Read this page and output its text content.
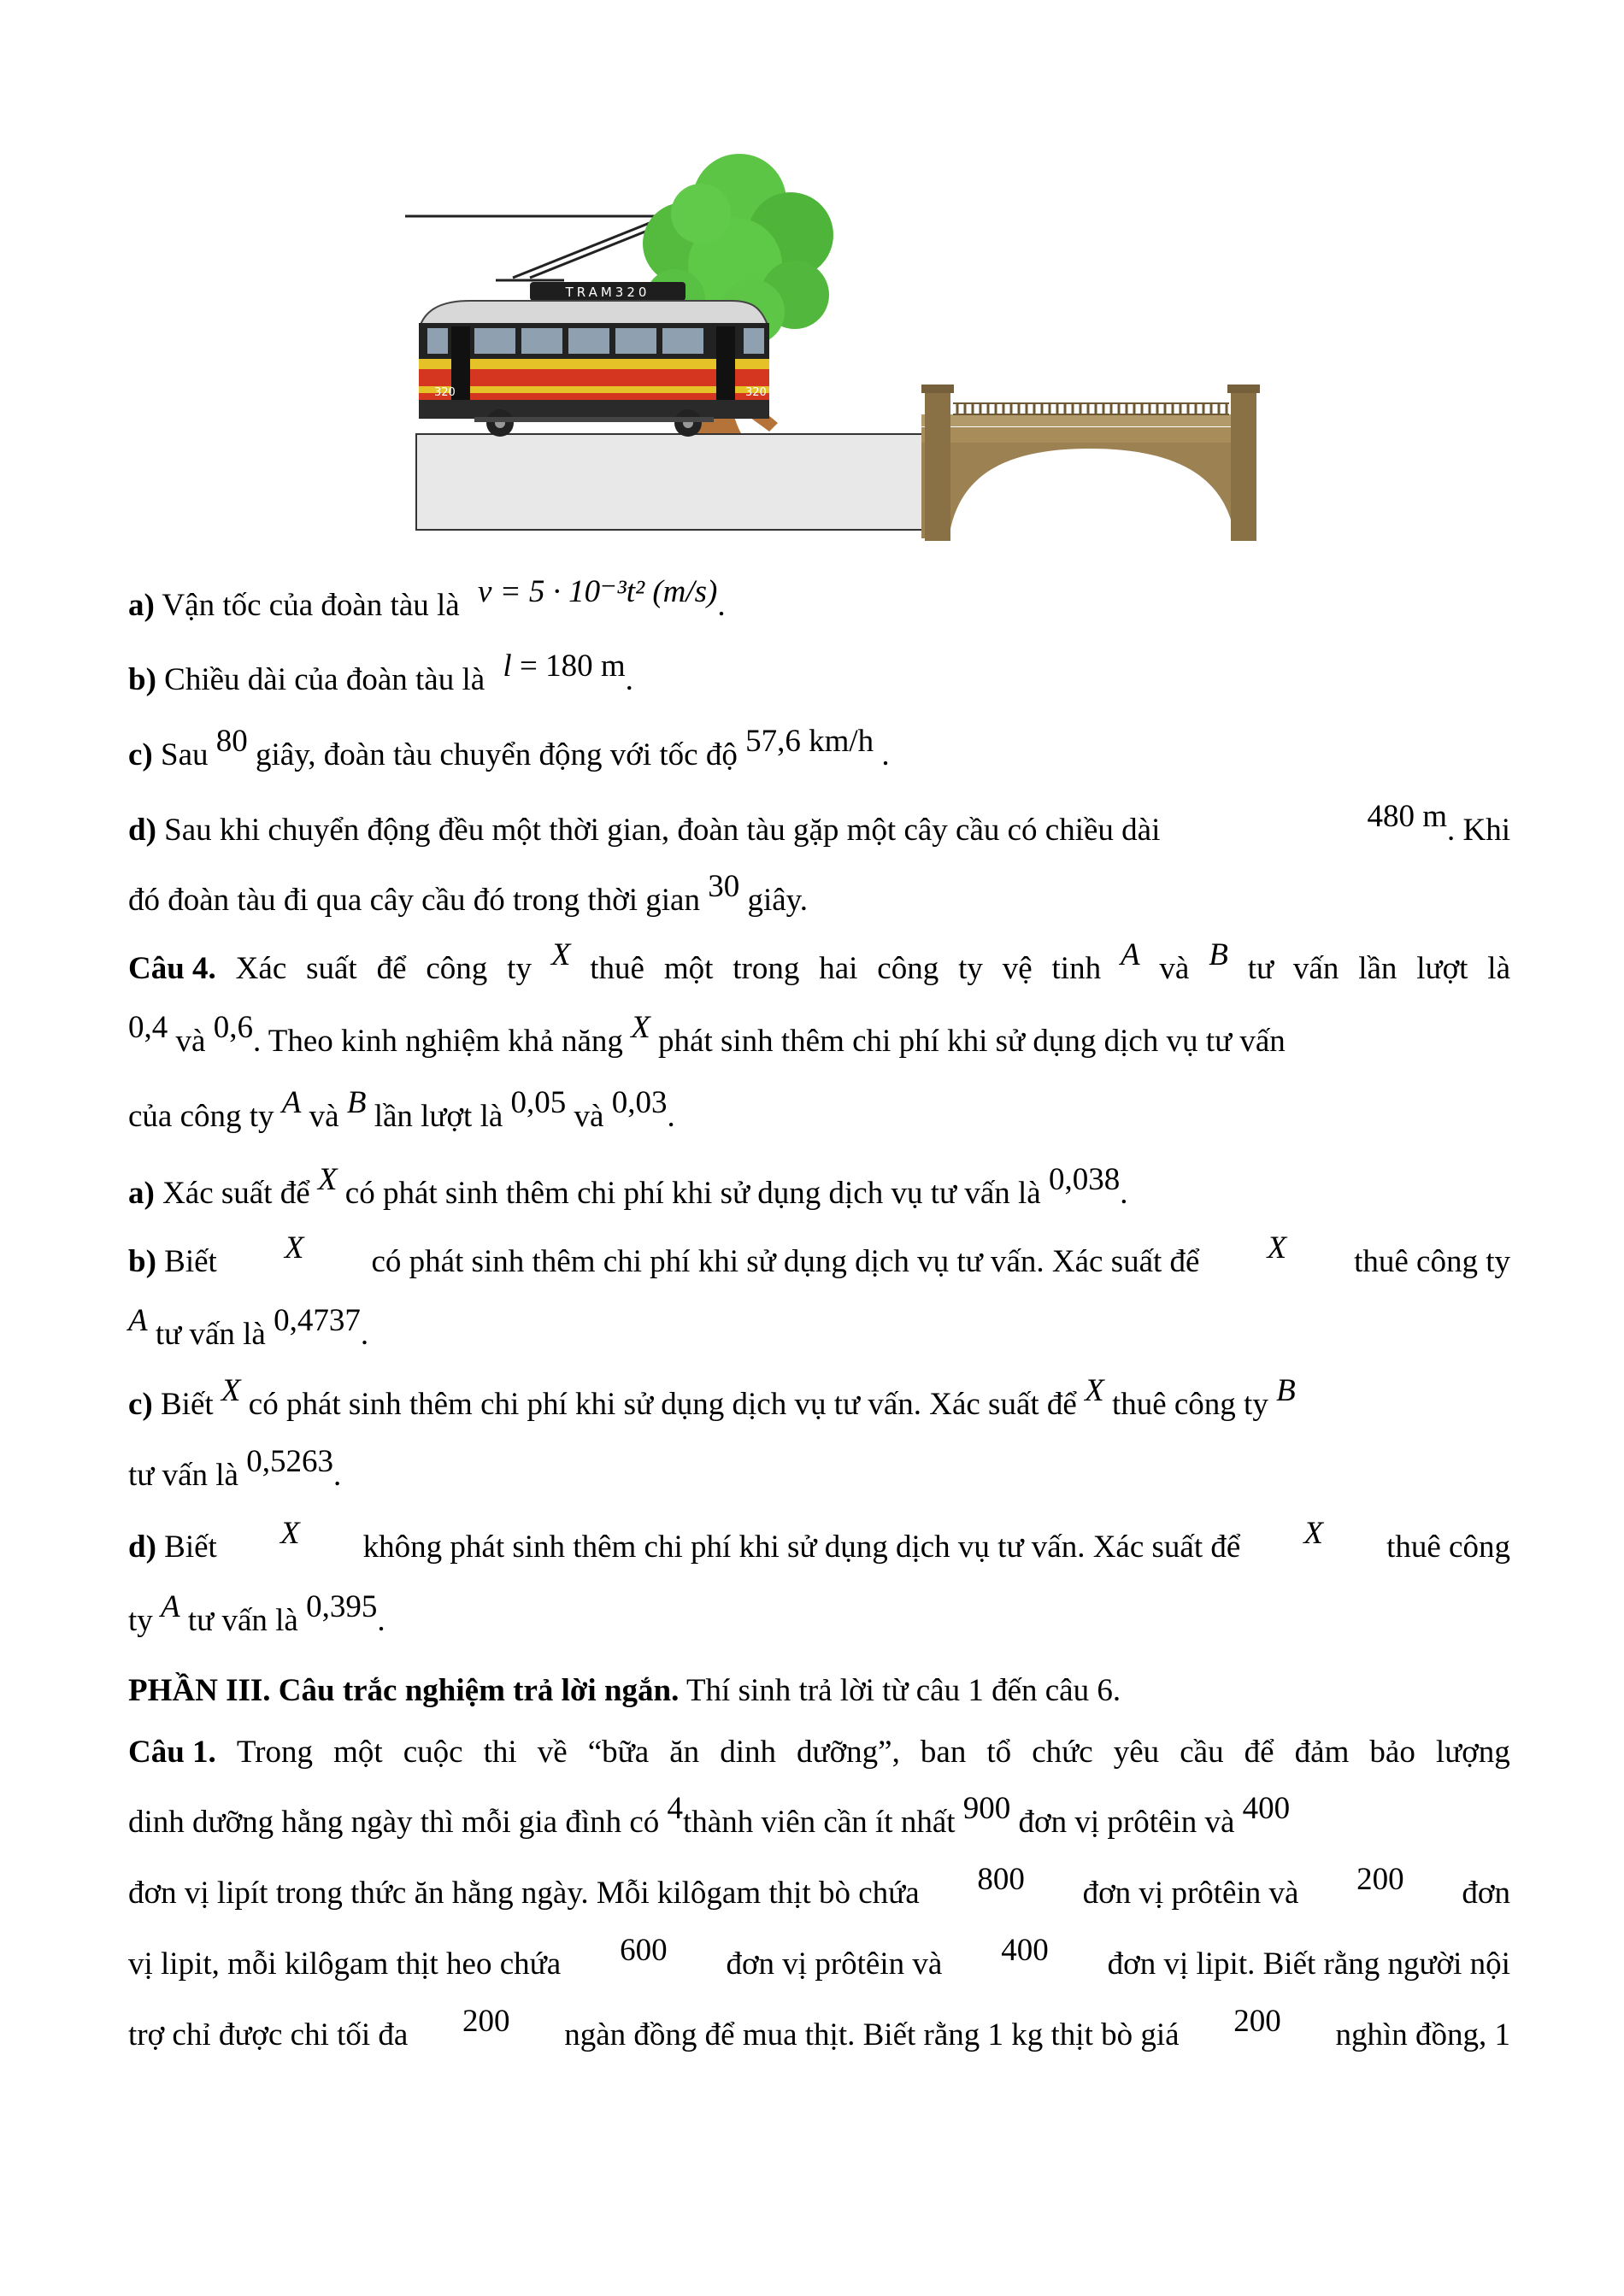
TRAM320
320	320
a) Vận tốc của đoàn tàu là v = 5 · 10⁻³t² (m/s).
b) Chiều dài của đoàn tàu là l = 180 m.
c) Sau 80 giây, đoàn tàu chuyển động với tốc độ 57,6 km/h .
d) Sau khi chuyển động đều một thời gian, đoàn tàu gặp một cây cầu có chiều dài	480 m. Khi
đó đoàn tàu đi qua cây cầu đó trong thời gian 30 giây.
Câu 4. Xác suất để công ty X thuê một trong hai công ty vệ tinh A và B tư vấn lần lượt là
0,4 và 0,6. Theo kinh nghiệm khả năng X phát sinh thêm chi phí khi sử dụng dịch vụ tư vấn
của công ty A và B lần lượt là 0,05 và 0,03.
a) Xác suất để X có phát sinh thêm chi phí khi sử dụng dịch vụ tư vấn là 0,038.
b) Biết X có phát sinh thêm chi phí khi sử dụng dịch vụ tư vấn. Xác suất để X thuê công ty
A tư vấn là 0,4737.
c) Biết X có phát sinh thêm chi phí khi sử dụng dịch vụ tư vấn. Xác suất để X thuê công ty B
tư vấn là 0,5263.
d) Biết X không phát sinh thêm chi phí khi sử dụng dịch vụ tư vấn. Xác suất để X thuê công
ty A tư vấn là 0,395.
PHẦN III. Câu trắc nghiệm trả lời ngắn. Thí sinh trả lời từ câu 1 đến câu 6.
Câu 1. Trong một cuộc thi về “bữa ăn dinh dưỡng”, ban tổ chức yêu cầu để đảm bảo lượng
dinh dưỡng hằng ngày thì mỗi gia đình có 4thành viên cần ít nhất 900 đơn vị prôtêin và 400
đơn vị lipít trong thức ăn hằng ngày. Mỗi kilôgam thịt bò chứa 800 đơn vị prôtêin và 200 đơn
vị lipit, mỗi kilôgam thịt heo chứa 600 đơn vị prôtêin và 400 đơn vị lipit. Biết rằng người nội
trợ chỉ được chi tối đa 200 ngàn đồng để mua thịt. Biết rằng 1 kg thịt bò giá 200 nghìn đồng, 1
